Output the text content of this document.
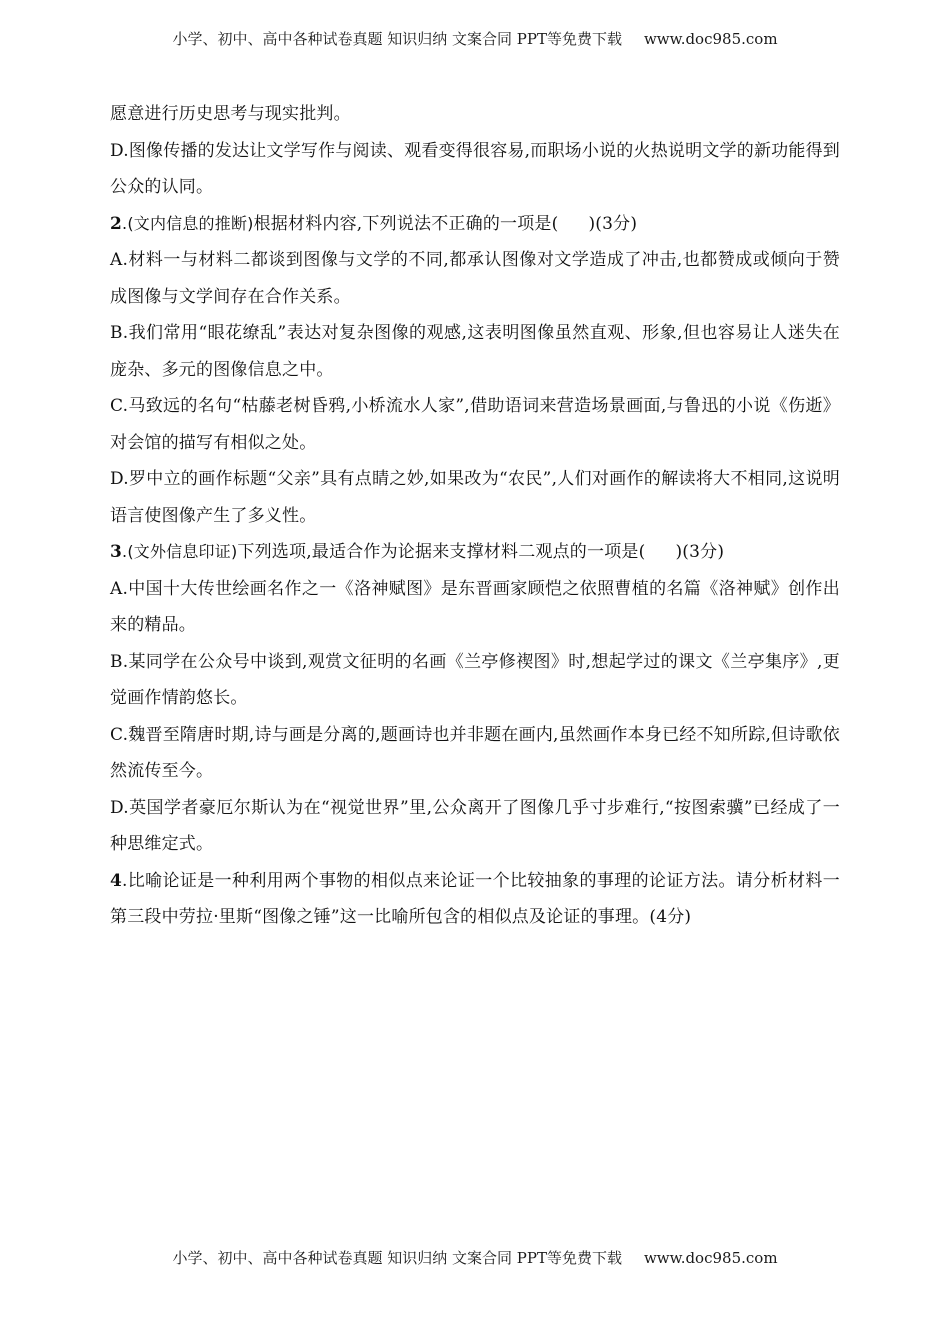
小学、初中、高中各种试卷真题 知识归纳 文案合同 PPT等免费下载 www.doc985.com

愿意进行历史思考与现实批判。

D.图像传播的发达让文学写作与阅读、观看变得很容易,而职场小说的火热说明文学的新功能得到公众的认同。

2.(文内信息的推断)根据材料内容,下列说法不正确的一项是( )(3分)

A.材料一与材料二都谈到图像与文学的不同,都承认图像对文学造成了冲击,也都赞成或倾向于赞成图像与文学间存在合作关系。

B.我们常用“眼花缭乱”表达对复杂图像的观感,这表明图像虽然直观、形象,但也容易让人迷失在庞杂、多元的图像信息之中。

C.马致远的名句“枯藤老树昏鸦,小桥流水人家”,借助语词来营造场景画面,与鲁迅的小说《伤逝》对会馆的描写有相似之处。

D.罗中立的画作标题“父亲”具有点睛之妙,如果改为“农民”,人们对画作的解读将大不相同,这说明语言使图像产生了多义性。

3.(文外信息印证)下列选项,最适合作为论据来支撑材料二观点的一项是( )(3分)

A.中国十大传世绘画名作之一《洛神赋图》是东晋画家顾恺之依照曹植的名篇《洛神赋》创作出来的精品。

B.某同学在公众号中谈到,观赏文征明的名画《兰亭修禊图》时,想起学过的课文《兰亭集序》,更觉画作情韵悠长。

C.魏晋至隋唐时期,诗与画是分离的,题画诗也并非题在画内,虽然画作本身已经不知所踪,但诗歌依然流传至今。

D.英国学者豪厄尔斯认为在“视觉世界”里,公众离开了图像几乎寸步难行,“按图索骥”已经成了一种思维定式。

4.比喻论证是一种利用两个事物的相似点来论证一个比较抽象的事理的论证方法。请分析材料一第三段中劳拉·里斯“图像之锤”这一比喻所包含的相似点及论证的事理。(4分)

小学、初中、高中各种试卷真题 知识归纳 文案合同 PPT等免费下载 www.doc985.com
